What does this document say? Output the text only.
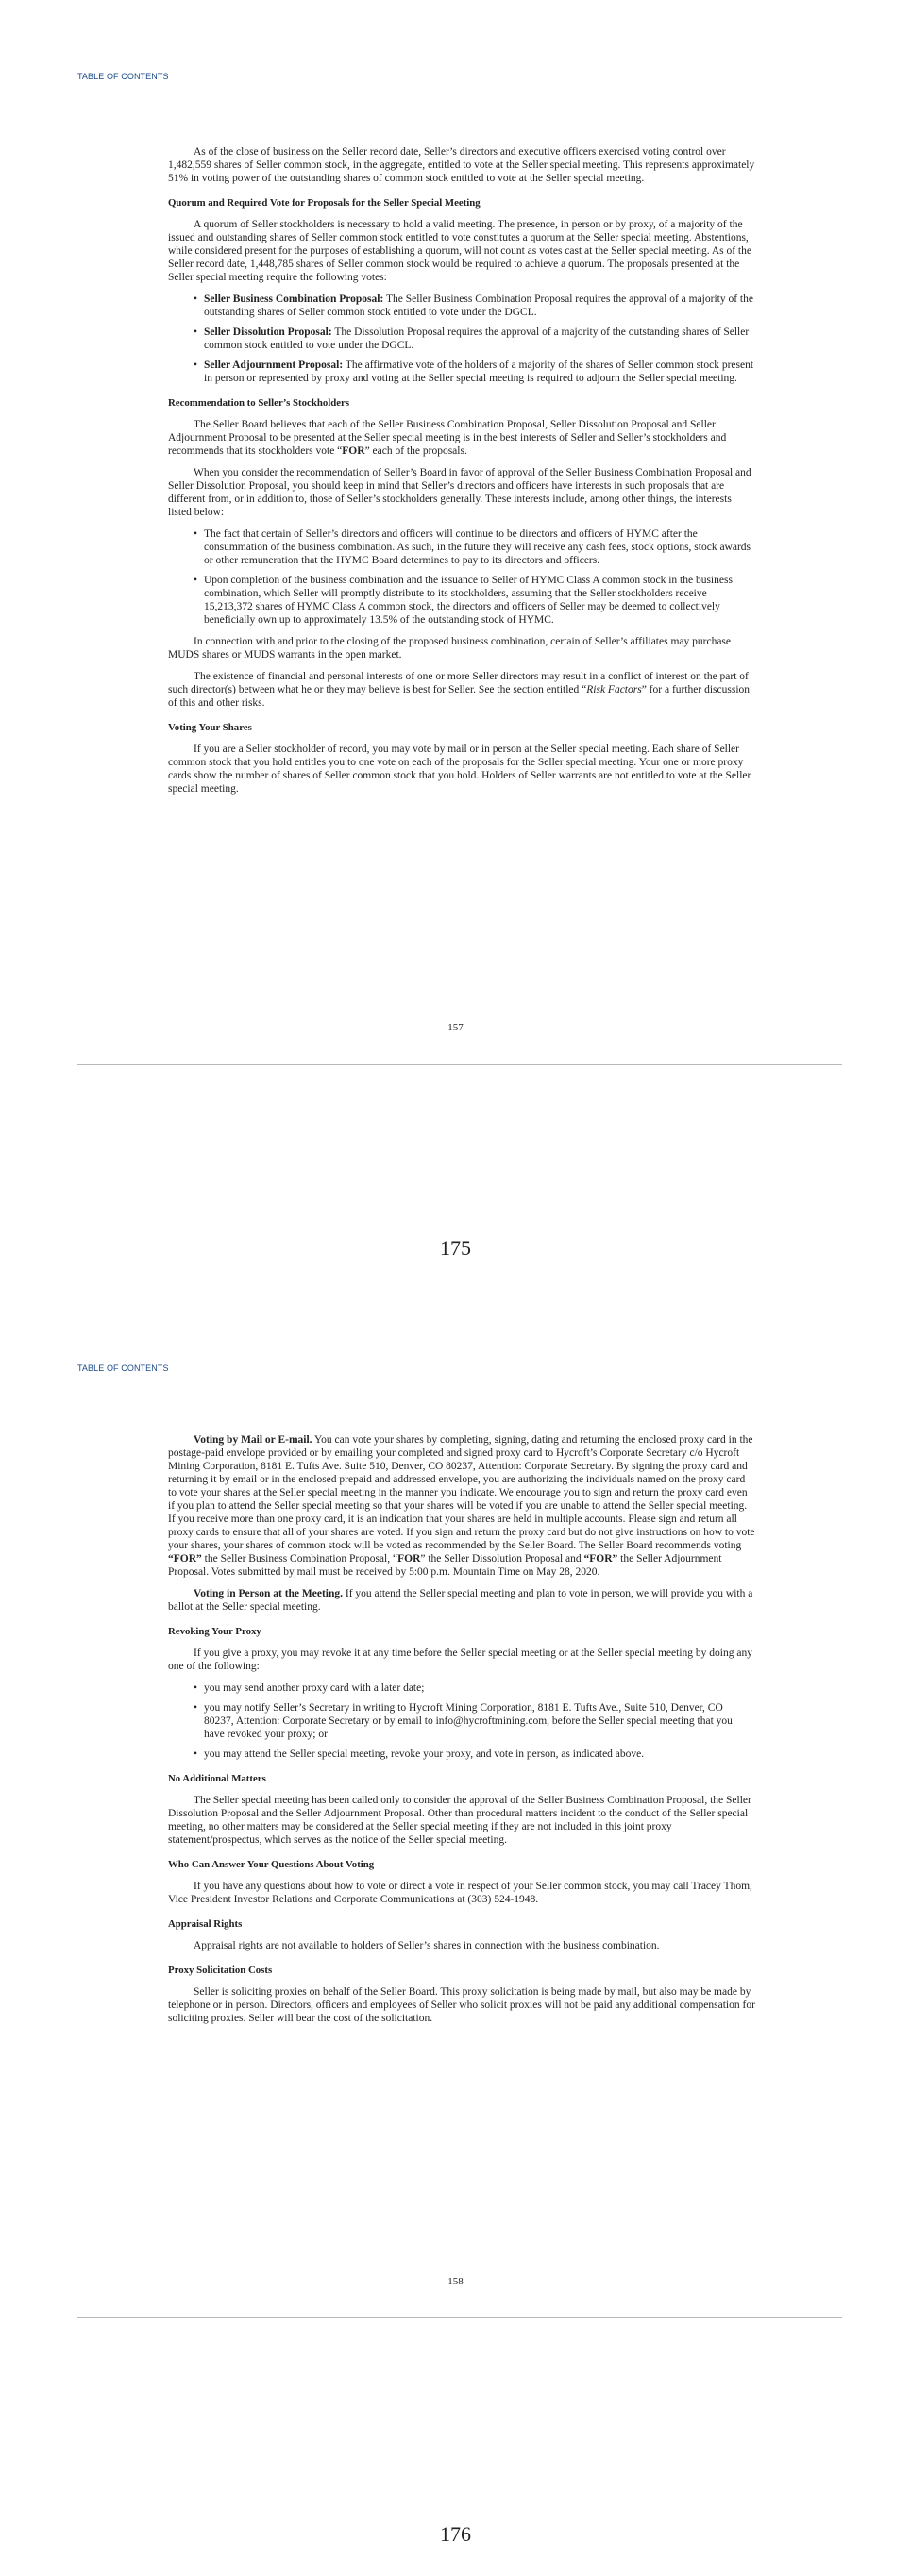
TABLE OF CONTENTS

As of the close of business on the Seller record date, Seller’s directors and executive officers exercised voting control over 1,482,559 shares of Seller common stock, in the aggregate, entitled to vote at the Seller special meeting. This represents approximately 51% in voting power of the outstanding shares of common stock entitled to vote at the Seller special meeting.

Quorum and Required Vote for Proposals for the Seller Special Meeting

A quorum of Seller stockholders is necessary to hold a valid meeting. The presence, in person or by proxy, of a majority of the issued and outstanding shares of Seller common stock entitled to vote constitutes a quorum at the Seller special meeting. Abstentions, while considered present for the purposes of establishing a quorum, will not count as votes cast at the Seller special meeting. As of the Seller record date, 1,448,785 shares of Seller common stock would be required to achieve a quorum. The proposals presented at the Seller special meeting require the following votes:

• Seller Business Combination Proposal: The Seller Business Combination Proposal requires the approval of a majority of the outstanding shares of Seller common stock entitled to vote under the DGCL.
• Seller Dissolution Proposal: The Dissolution Proposal requires the approval of a majority of the outstanding shares of Seller common stock entitled to vote under the DGCL.
• Seller Adjournment Proposal: The affirmative vote of the holders of a majority of the shares of Seller common stock present in person or represented by proxy and voting at the Seller special meeting is required to adjourn the Seller special meeting.

Recommendation to Seller’s Stockholders

The Seller Board believes that each of the Seller Business Combination Proposal, Seller Dissolution Proposal and Seller Adjournment Proposal to be presented at the Seller special meeting is in the best interests of Seller and Seller’s stockholders and recommends that its stockholders vote “FOR” each of the proposals.

When you consider the recommendation of Seller’s Board in favor of approval of the Seller Business Combination Proposal and Seller Dissolution Proposal, you should keep in mind that Seller’s directors and officers have interests in such proposals that are different from, or in addition to, those of Seller’s stockholders generally. These interests include, among other things, the interests listed below:

• The fact that certain of Seller’s directors and officers will continue to be directors and officers of HYMC after the consummation of the business combination. As such, in the future they will receive any cash fees, stock options, stock awards or other remuneration that the HYMC Board determines to pay to its directors and officers.
• Upon completion of the business combination and the issuance to Seller of HYMC Class A common stock in the business combination, which Seller will promptly distribute to its stockholders, assuming that the Seller stockholders receive 15,213,372 shares of HYMC Class A common stock, the directors and officers of Seller may be deemed to collectively beneficially own up to approximately 13.5% of the outstanding stock of HYMC.

In connection with and prior to the closing of the proposed business combination, certain of Seller’s affiliates may purchase MUDS shares or MUDS warrants in the open market.

The existence of financial and personal interests of one or more Seller directors may result in a conflict of interest on the part of such director(s) between what he or they may believe is best for Seller. See the section entitled “Risk Factors” for a further discussion of this and other risks.

Voting Your Shares

If you are a Seller stockholder of record, you may vote by mail or in person at the Seller special meeting. Each share of Seller common stock that you hold entitles you to one vote on each of the proposals for the Seller special meeting. Your one or more proxy cards show the number of shares of Seller common stock that you hold. Holders of Seller warrants are not entitled to vote at the Seller special meeting.

157
175
TABLE OF CONTENTS

Voting by Mail or E-mail. You can vote your shares by completing, signing, dating and returning the enclosed proxy card in the postage-paid envelope provided or by emailing your completed and signed proxy card to Hycroft’s Corporate Secretary c/o Hycroft Mining Corporation, 8181 E. Tufts Ave. Suite 510, Denver, CO 80237, Attention: Corporate Secretary. By signing the proxy card and returning it by email or in the enclosed prepaid and addressed envelope, you are authorizing the individuals named on the proxy card to vote your shares at the Seller special meeting in the manner you indicate. We encourage you to sign and return the proxy card even if you plan to attend the Seller special meeting so that your shares will be voted if you are unable to attend the Seller special meeting. If you receive more than one proxy card, it is an indication that your shares are held in multiple accounts. Please sign and return all proxy cards to ensure that all of your shares are voted. If you sign and return the proxy card but do not give instructions on how to vote your shares, your shares of common stock will be voted as recommended by the Seller Board. The Seller Board recommends voting “FOR” the Seller Business Combination Proposal, “FOR” the Seller Dissolution Proposal and “FOR” the Seller Adjournment Proposal. Votes submitted by mail must be received by 5:00 p.m. Mountain Time on May 28, 2020.

Voting in Person at the Meeting. If you attend the Seller special meeting and plan to vote in person, we will provide you with a ballot at the Seller special meeting.

Revoking Your Proxy

If you give a proxy, you may revoke it at any time before the Seller special meeting or at the Seller special meeting by doing any one of the following:

• you may send another proxy card with a later date;
• you may notify Seller’s Secretary in writing to Hycroft Mining Corporation, 8181 E. Tufts Ave., Suite 510, Denver, CO 80237, Attention: Corporate Secretary or by email to info@hycroftmining.com, before the Seller special meeting that you have revoked your proxy; or
• you may attend the Seller special meeting, revoke your proxy, and vote in person, as indicated above.

No Additional Matters

The Seller special meeting has been called only to consider the approval of the Seller Business Combination Proposal, the Seller Dissolution Proposal and the Seller Adjournment Proposal. Other than procedural matters incident to the conduct of the Seller special meeting, no other matters may be considered at the Seller special meeting if they are not included in this joint proxy statement/prospectus, which serves as the notice of the Seller special meeting.

Who Can Answer Your Questions About Voting

If you have any questions about how to vote or direct a vote in respect of your Seller common stock, you may call Tracey Thom, Vice President Investor Relations and Corporate Communications at (303) 524-1948.

Appraisal Rights

Appraisal rights are not available to holders of Seller’s shares in connection with the business combination.

Proxy Solicitation Costs

Seller is soliciting proxies on behalf of the Seller Board. This proxy solicitation is being made by mail, but also may be made by telephone or in person. Directors, officers and employees of Seller who solicit proxies will not be paid any additional compensation for soliciting proxies. Seller will bear the cost of the solicitation.

158
176
